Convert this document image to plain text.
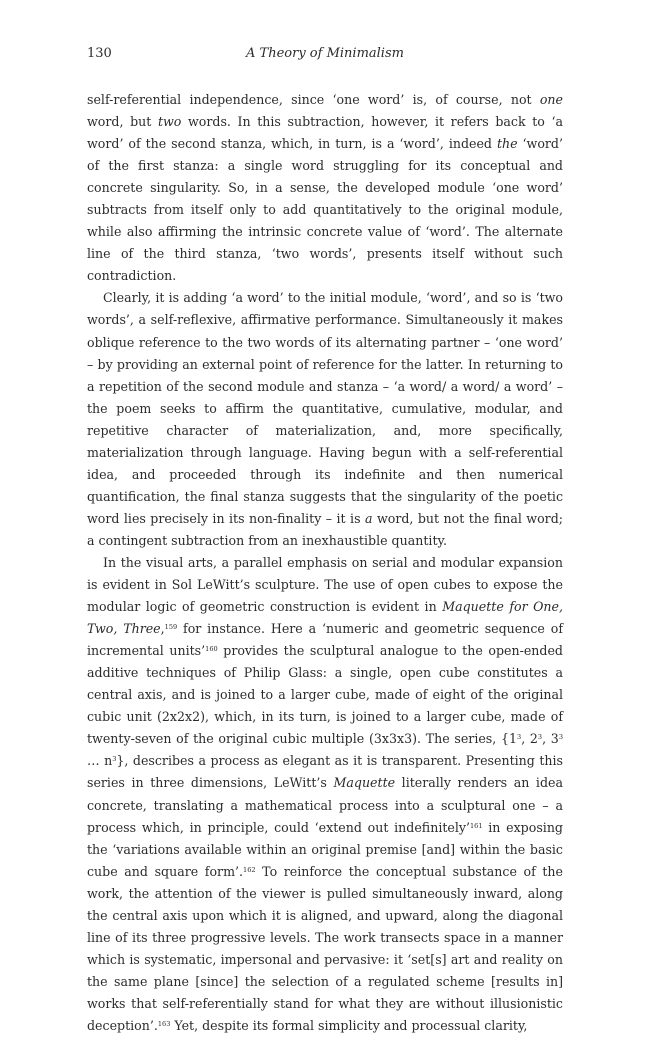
130	A Theory of Minimalism

self-referential independence, since ‘one word’ is, of course, not one word, but two words. In this subtraction, however, it refers back to ‘a word’ of the second stanza, which, in turn, is a ‘word’, indeed the ‘word’ of the first stanza: a single word struggling for its conceptual and concrete singularity. So, in a sense, the developed module ‘one word’ subtracts from itself only to add quantitatively to the original module, while also affirming the intrinsic concrete value of ‘word’. The alternate line of the third stanza, ‘two words’, presents itself without such contradiction.

Clearly, it is adding ‘a word’ to the initial module, ‘word’, and so is ‘two words’, a self-reflexive, affirmative performance. Simultaneously it makes oblique reference to the two words of its alternating partner – ‘one word’ – by providing an external point of reference for the latter. In returning to a repetition of the second module and stanza – ‘a word/ a word/ a word’ – the poem seeks to affirm the quantitative, cumulative, modular, and repetitive character of materialization, and, more specifically, materialization through language. Having begun with a self-referential idea, and proceeded through its indefinite and then numerical quantification, the final stanza suggests that the singularity of the poetic word lies precisely in its non-finality – it is a word, but not the final word; a contingent subtraction from an inexhaustible quantity.

In the visual arts, a parallel emphasis on serial and modular expansion is evident in Sol LeWitt’s sculpture. The use of open cubes to expose the modular logic of geometric construction is evident in Maquette for One, Two, Three,$^{159}$ for instance. Here a ‘numeric and geometric sequence of incremental units’$^{160}$ provides the sculptural analogue to the open-ended additive techniques of Philip Glass: a single, open cube constitutes a central axis, and is joined to a larger cube, made of eight of the original cubic unit (2x2x2), which, in its turn, is joined to a larger cube, made of twenty-seven of the original cubic multiple (3x3x3). The series, {$1^3$, $2^3$, $3^3$ … $n^3$}, describes a process as elegant as it is transparent. Presenting this series in three dimensions, LeWitt’s Maquette literally renders an idea concrete, translating a mathematical process into a sculptural one – a process which, in principle, could ‘extend out indefinitely’$^{161}$ in exposing the ‘variations available within an original premise [and] within the basic cube and square form’.$^{162}$ To reinforce the conceptual substance of the work, the attention of the viewer is pulled simultaneously inward, along the central axis upon which it is aligned, and upward, along the diagonal line of its three progressive levels. The work transects space in a manner which is systematic, impersonal and pervasive: it ‘set[s] art and reality on the same plane [since] the selection of a regulated scheme [results in] works that self-referentially stand for what they are without illusionistic deception’.$^{163}$ Yet, despite its formal simplicity and processual clarity,
